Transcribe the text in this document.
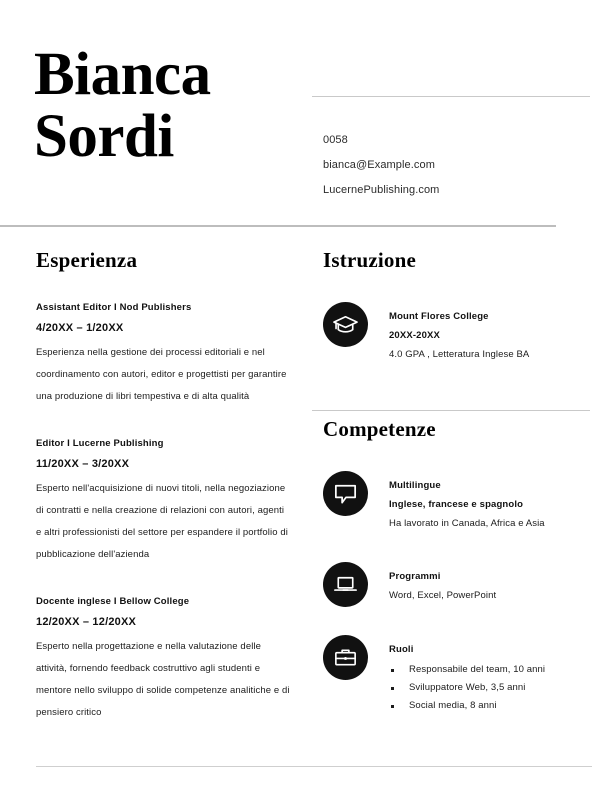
Bianca
Sordi	0058
bianca@Example.com
LucernePublishing.com
Esperienza
Assistant Editor I Nod Publishers
4/20XX – 1/20XX
Esperienza nella gestione dei processi editoriali e nel coordinamento con autori, editor e progettisti per garantire una produzione di libri tempestiva e di alta qualità
Editor I Lucerne Publishing
11/20XX – 3/20XX
Esperto nell'acquisizione di nuovi titoli, nella negoziazione di contratti e nella creazione di relazioni con autori, agenti e altri professionisti del settore per espandere il portfolio di pubblicazione dell'azienda
Docente inglese I Bellow College
12/20XX – 12/20XX
Esperto nella progettazione e nella valutazione delle attività, fornendo feedback costruttivo agli studenti e mentore nello sviluppo di solide competenze analitiche e di pensiero critico
Istruzione
Mount Flores College
20XX-20XX
4.0 GPA , Letteratura Inglese BA
Competenze
Multilingue
Inglese, francese e spagnolo
Ha lavorato in Canada, Africa e Asia
Programmi
Word, Excel, PowerPoint
Ruoli
Responsabile del team, 10 anni
Sviluppatore Web, 3,5 anni
Social media, 8 anni
